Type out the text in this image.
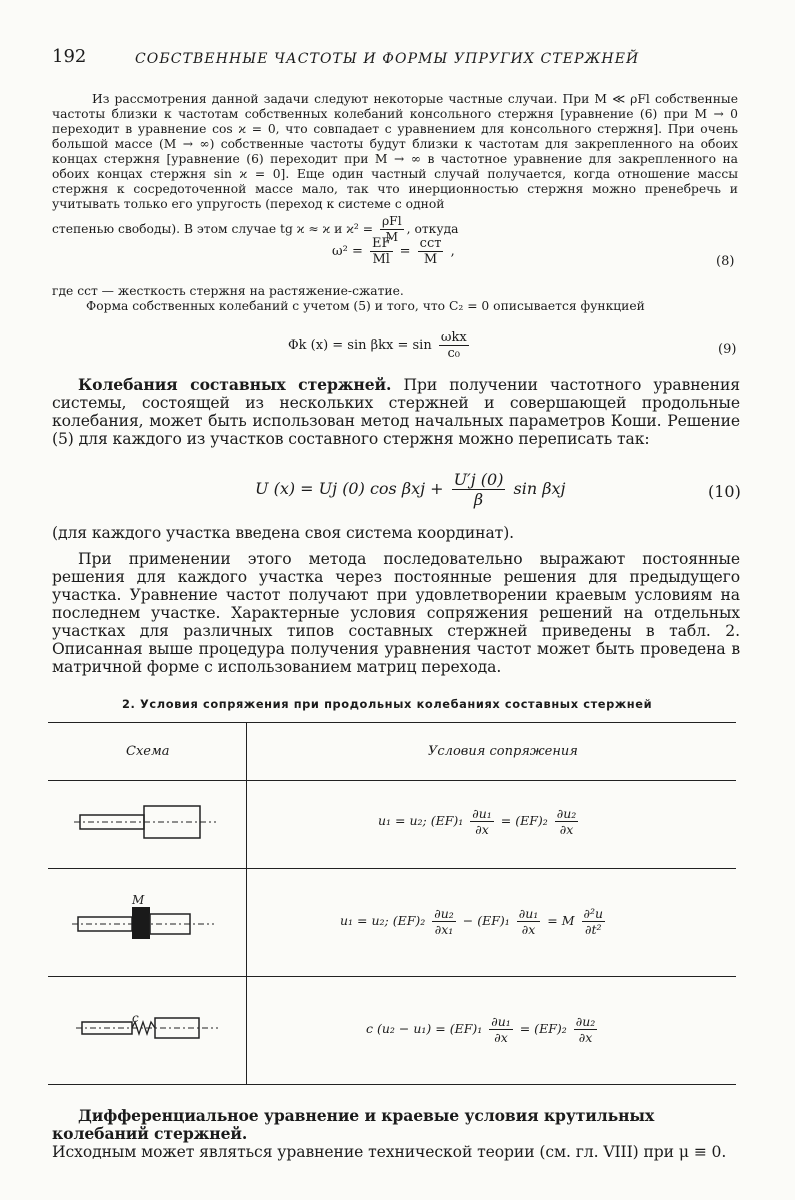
192	СОБСТВЕННЫЕ ЧАСТОТЫ И ФОРМЫ УПРУГИХ СТЕРЖНЕЙ

Из рассмотрения данной задачи следуют некоторые частные случаи. При M ≪ ρFl собственные частоты близки к частотам собственных колебаний консольного стержня [уравнение (6) при M → 0 переходит в уравнение cos ϰ = 0, что совпадает с уравнением для консольного стержня]. При очень большой массе (M → ∞) собственные частоты будут близки к частотам для закрепленного на обоих концах стержня [уравнение (6) переходит при M → ∞ в частотное уравнение для закрепленного на обоих концах стержня sin ϰ = 0]. Еще один частный случай получается, когда отношение массы стержня к сосредоточенной массе мало, так что инерционностью стержня можно пренебречь и учитывать только его упругость (переход к системе с одной

степенью свободы). В этом случае tg ϰ ≈ ϰ и $ϰ^2 = \frac{\text{ρFl}}{M}$ , откуда

$\omega^2 = \frac{EF}{Ml} = \frac{\text{cст}}{M}$ ,
(8)

где cст — жесткость стержня на растяжение-сжатие.

Форма собственных колебаний с учетом (5) и того, что C₂ = 0 описывается функцией

Φk $(x) = \sin \beta kx = \sin \frac{\text{ωkx}}{\text{c₀}}$	(9)

Колебания составных стержней. При получении частотного уравнения системы, состоящей из нескольких стержней и совершающей продольные колебания, может быть использован метод начальных параметров Коши. Решение (5) для каждого из участков составного стержня можно переписать так:

U (x) = Uj (0) $\cos \beta xj + \frac{U'j (0)}{\beta}$ sin βxj	(10)
(для каждого участка введена своя система координат).

При применении этого метода последовательно выражают постоянные решения для каждого участка через постоянные решения для предыдущего участка. Уравнение частот получают при удовлетворении краевым условиям на последнем участке. Характерные условия сопряжения решений на отдельных участках для различных типов составных стержней приведены в табл. 2. Описанная выше процедура получения уравнения частот может быть проведена в матричной форме с использованием матриц перехода.

2. Условия сопряжения при продольных колебаниях составных стержней
Схема	Условия сопряжения
u₁ = u₂; $(EF)_1 \frac{\text{∂u₁}}{\partial x} = (EF)_2 \frac{\text{∂u₂}}{\partial x}$
M
u₁ = u₂; $(EF)_2 \frac{\text{∂u₂}}{\text{∂x₁}} - (EF)_1 \frac{\text{∂u₁}}{\partial x} = M \frac{\text{∂²u}}{\text{∂t²}}$
c
c $(u_2 - u_1) = (EF)_1 \frac{\text{∂u₁}}{\partial x} = (EF)_2 \frac{\text{∂u₂}}{\partial x}$

Дифференциальное уравнение и краевые условия крутильных колебаний стержней.

Исходным может являться уравнение технической теории (см. гл. VIII) при μ ≡ 0.
